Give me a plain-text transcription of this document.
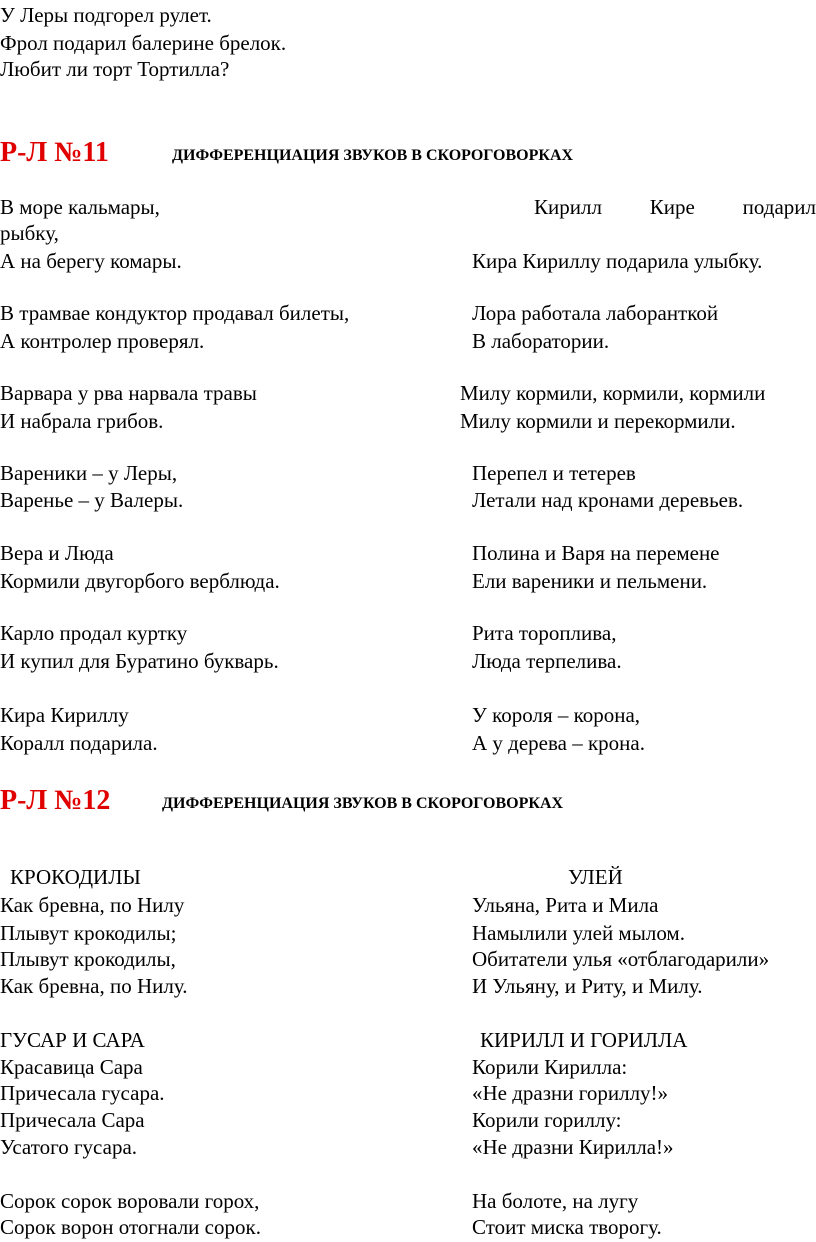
У Леры подгорел рулет.
Фрол подарил балерине брелок.
Любит ли торт Тортилла?
Р-Л №11	ДИФФЕРЕНЦИАЦИЯ ЗВУКОВ В СКОРОГОВОРКАХ
В море кальмары,	Кирилл Кире подарил
рыбку,
А на берегу комары.	Кира Кириллу подарила улыбку.
В трамвае кондуктор продавал билеты,	Лора работала лаборанткой
А контролер проверял.	В лаборатории.
Варвара у рва нарвала травы	Милу кормили, кормили, кормили
И набрала грибов.	Милу кормили и перекормили.
Вареники – у Леры,	Перепел и тетерев
Варенье – у Валеры.	Летали над кронами деревьев.
Вера и Люда	Полина и Варя на перемене
Кормили двугорбого верблюда.	Ели вареники и пельмени.
Карло продал куртку	Рита тороплива,
И купил для Буратино букварь.	Люда терпелива.
Кира Кириллу	У короля – корона,
Коралл подарила.	А у дерева – крона.
Р-Л №12	ДИФФЕРЕНЦИАЦИЯ ЗВУКОВ В СКОРОГОВОРКАХ
КРОКОДИЛЫ	УЛЕЙ
Как бревна, по Нилу	Ульяна, Рита и Мила
Плывут крокодилы;	Намылили улей мылом.
Плывут крокодилы,	Обитатели улья «отблагодарили»
Как бревна, по Нилу.	И Ульяну, и Риту, и Милу.
ГУСАР И САРА	КИРИЛЛ И ГОРИЛЛА
Красавица Сара	Корили Кирилла:
Причесала гусара.	«Не дразни гориллу!»
Причесала Сара	Корили гориллу:
Усатого гусара.	«Не дразни Кирилла!»
Сорок сорок воровали горох,	На болоте, на лугу
Сорок ворон отогнали сорок.	Стоит миска творогу.
